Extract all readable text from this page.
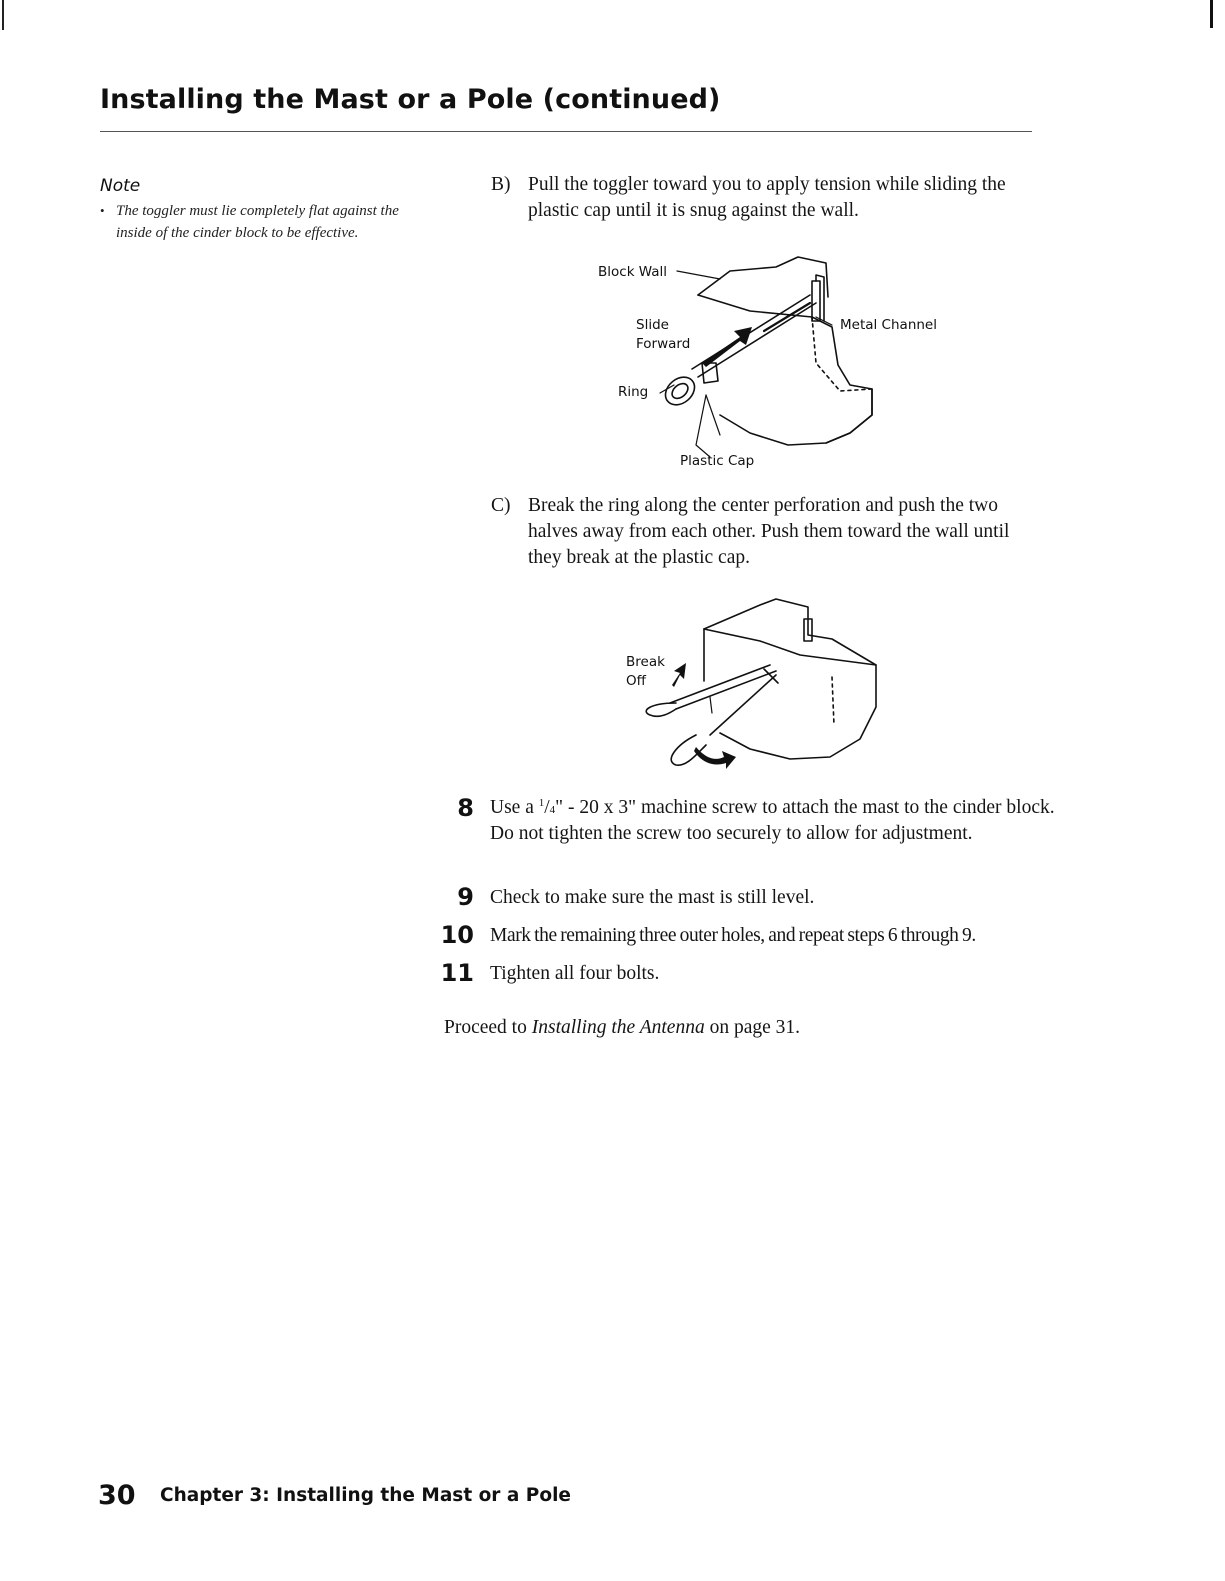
Installing the Mast or a Pole (continued)
Note
• The toggler must lie completely flat against the inside of the cinder block to be effective.
B) Pull the toggler toward you to apply tension while sliding the plastic cap until it is snug against the wall.
Block Wall
Slide
Forward
Metal Channel
Ring
Plastic Cap
C) Break the ring along the center perforation and push the two halves away from each other. Push them toward the wall until they break at the plastic cap.
Break
Off
8 Use a $^1$/4" - 20 x 3" machine screw to attach the mast to the cinder block. Do not tighten the screw too securely to allow for adjustment.
9 Check to make sure the mast is still level.
10 Mark the remaining three outer holes, and repeat steps 6 through 9.
11 Tighten all four bolts.
Proceed to Installing the Antenna on page 31.
30 Chapter 3: Installing the Mast or a Pole
